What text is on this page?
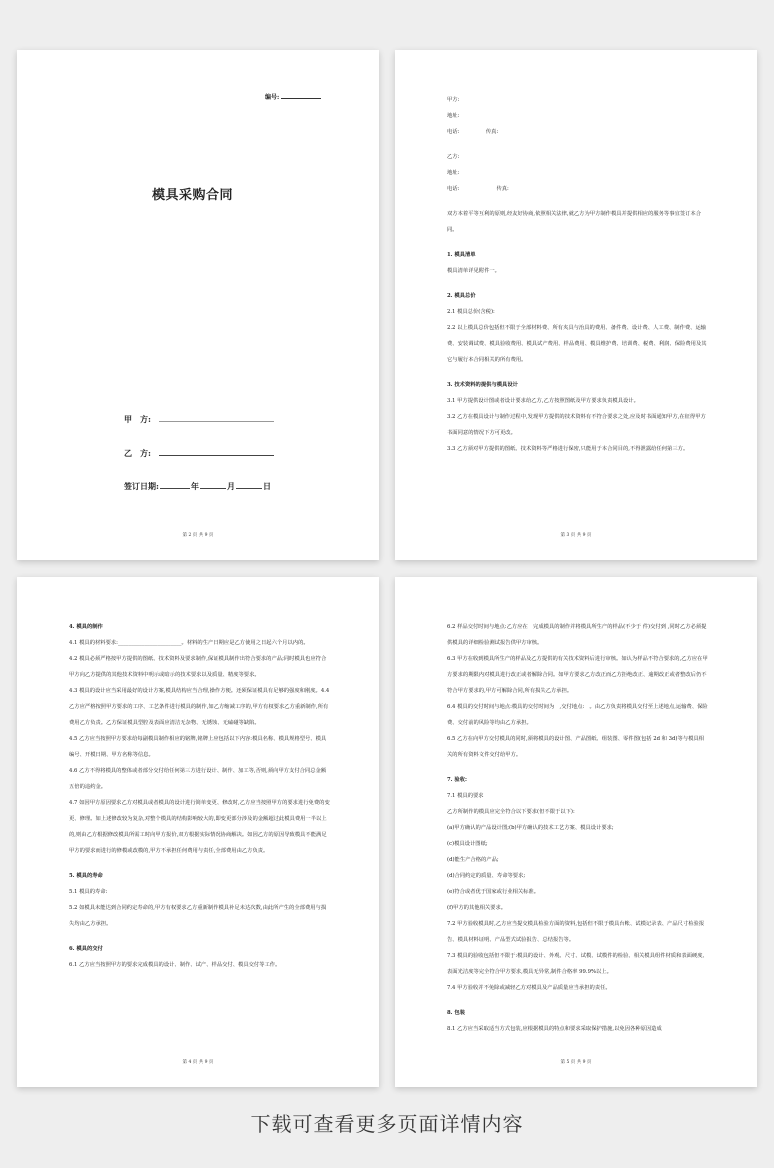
编号:
模具采购合同
甲　方:
乙　方:
签订日期:	年	月	日
第 2 页 共 9 页

甲方:

地址:

电话:　　　　　传真:

乙方:

地址:

电话:　　　　　　　传真:

双方本着平等互利的原则,经友好协商,依照相关法律,就乙方为甲方制作模具并提供相应的服务等事宜签订本合同。

1. 模具清单

模具清单详见附件一。

2. 模具总价

2.1 模具总价(含税):

2.2 以上模具总价包括但不限于全部材料费、所有夹具与治具的费用、备件费、设计费、人工费、制作费、运输费、安装调试费、模具验收费用、模具试产费用、样品费用、模具维护费、培训费、税费、利润、保险费用及其它与履行本合同相关的所有费用。

3. 技术资料的提供与模具设计

3.1 甲方提供设计图或者设计要求给乙方,乙方按照图纸及甲方要求负责模具设计。

3.2 乙方在模具设计与制作过程中,发现甲方提供的技术资料有不符合要求之处,应及时书面通知甲方,在征得甲方书面同意的情况下方可更改。

3.3 乙方须对甲方提供的图纸、技术资料等严格进行保密,只能用于本合同目的,不得泄露给任何第三方。

第 3 页 共 9 页

4. 模具的制作

4.1 模具的材料要求:________________________。材料的生产日期应是乙方使用之日起六个月以内的。

4.2 模具必须严格按甲方提供的图纸、技术资料及要求制作,保证模具制作出符合要求的产品;同时模具也应符合甲方向乙方提供的其他技术资料中明示或暗示的技术要求以及质量、精度等要求。

4.3 模具的设计应当采用最好的设计方案,模具结构应当合理,操作方便。还须保证模具有足够的强度和刚度。4.4 乙方应严格按照甲方要求的工序、工艺条件进行模具的制作,如乙方缩减工序的,甲方有权要求乙方重新制作,所有费用乙方负责。乙方保证模具型腔及表面应清洁无杂物、无锈蚀、无磕碰等缺陷。

4.5 乙方应当按照甲方要求给每副模具制作相应的铭牌,铭牌上应包括以下内容:模具名称、模具规格型号、模具编号、开模日期、甲方名称等信息。

4.6 乙方不得将模具的整体或者部分交付给任何第三方进行设计、制作、加工等,否则,须向甲方支付合同总金额五倍的违约金。

4.7 如因甲方原因要求乙方对模具或者模具的设计进行简单变更、修改时,乙方应当按照甲方的要求进行免费的变更、修理。如上述修改较为复杂,对整个模具的结构影响较大的,即变更部分涉及的金额超过此模具费用一半以上的,则由乙方根据修改模具所需工时向甲方报价,双方根据实际情况协商解决。如因乙方的原因导致模具不能满足甲方的要求而进行的修模或改模的,甲方不承担任何费用与责任,全部费用由乙方负责。

5. 模具的寿命

5.1 模具的寿命:

5.2 如模具未能达到合同约定寿命的,甲方有权要求乙方重新制作模具补足未达次数,由此所产生的全部费用与损失均由乙方承担。

6. 模具的交付

6.1 乙方应当按照甲方的要求完成模具的设计、制作、试产、样品交付、模具交付等工作。

第 4 页 共 9 页

6.2 样品交付时间与地点:乙方应在　完成模具的制作并将模具所生产的样品(不少于 件)交付到 ,同时乙方必须提供模具的详细检验测试报告供甲方审核。

6.3 甲方在收到模具所生产的样品及乙方提供的有关技术资料后进行审核。如认为样品不符合要求的,乙方应在甲方要求的期限内对模具进行改正或者解除合同。如甲方要求乙方改正而乙方拒绝改正、逾期改正或者整改后仍不符合甲方要求的,甲方可解除合同,所有损失乙方承担。

6.4 模具的交付时间与地点:模具的交付时间为　,交付地点:　。由乙方负责将模具交付至上述地点,运输费、保险费、交付前的风险等均由乙方承担。

6.5 乙方在向甲方交付模具的同时,须将模具的设计图、产品图纸、组装图、零件图(包括 2d 和 3d)等与模具相关的所有资料文件交付给甲方。

7. 验收:

7.1 模具的要求

乙方所制作的模具应完全符合以下要求(但不限于以下):

(a)甲方确认的产品设计图;(b)甲方确认的技术工艺方案、模具设计要求;

(c)模具设计图纸;

(d)能生产合格的产品;

(d)合同约定的质量、寿命等要求;

(e)符合或者优于国家或行业相关标准。

(f)甲方的其他相关要求。

7.2 甲方验收模具时,乙方应当提交模具检验方面的资料,包括但不限于模具台帐、试模记录表、产品尺寸检验报告、模具材料证明、产品型式试验报告、总结报告等。

7.3 模具的验收包括但不限于:模具的设计、外观、尺寸、试模、试模件的检验、相关模具组件材质和表面硬度、表面光洁度等完全符合甲方要求,模具无异常,制件合格率 99.9%以上。

7.4 甲方验收并不免除或减轻乙方对模具及产品质量应当承担的责任。

8. 包装

8.1 乙方应当采取适当方式包装,应根据模具的特点和要求采取保护措施,以免因各种原因造成

第 5 页 共 9 页
下载可查看更多页面详情内容
